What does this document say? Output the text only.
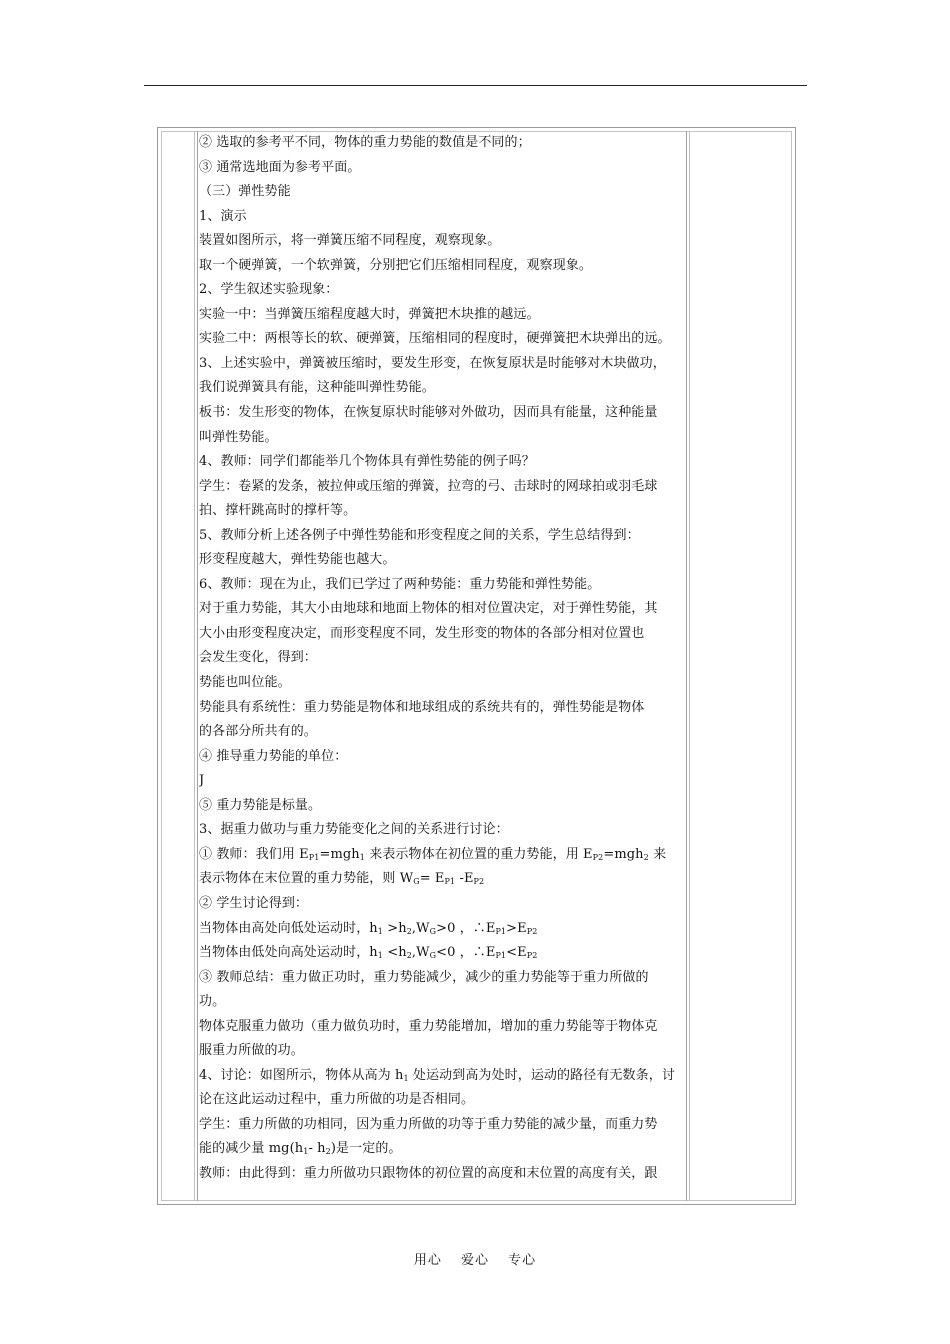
② 选取的参考平不同，物体的重力势能的数值是不同的；
③ 通常选地面为参考平面。
（三）弹性势能
1、演示
装置如图所示，将一弹簧压缩不同程度，观察现象。
取一个硬弹簧，一个软弹簧，分别把它们压缩相同程度，观察现象。
2、学生叙述实验现象：
实验一中：当弹簧压缩程度越大时，弹簧把木块推的越远。
实验二中：两根等长的软、硬弹簧，压缩相同的程度时，硬弹簧把木块弹出的远。
3、上述实验中，弹簧被压缩时，要发生形变，在恢复原状是时能够对木块做功，
我们说弹簧具有能，这种能叫弹性势能。
板书：发生形变的物体，在恢复原状时能够对外做功，因而具有能量，这种能量
叫弹性势能。
4、教师：同学们都能举几个物体具有弹性势能的例子吗？
学生：卷紧的发条，被拉伸或压缩的弹簧，拉弯的弓、击球时的网球拍或羽毛球
拍、撑杆跳高时的撑杆等。
5、教师分析上述各例子中弹性势能和形变程度之间的关系，学生总结得到：
形变程度越大，弹性势能也越大。
6、教师：现在为止，我们已学过了两种势能：重力势能和弹性势能。
对于重力势能，其大小由地球和地面上物体的相对位置决定，对于弹性势能，其
大小由形变程度决定，而形变程度不同，发生形变的物体的各部分相对位置也
会发生变化，得到：
势能也叫位能。
势能具有系统性：重力势能是物体和地球组成的系统共有的，弹性势能是物体
的各部分所共有的。
④ 推导重力势能的单位：
J
⑤ 重力势能是标量。
3、据重力做功与重力势能变化之间的关系进行讨论：
① 教师：我们用 $E_{P1}=mgh_1$ 来表示物体在初位置的重力势能，用 $E_{P2}=mgh_2$ 来
表示物体在末位置的重力势能，则 $W_G= E_{P1}$ $-E_{P2}$
② 学生讨论得到：
当物体由高处向低处运动时，$h_1 >h_2,W_G>0$ ，$\therefore E_{P1}>E_{P2}$
当物体由低处向高处运动时，$h_1 <h_2,W_G<0$ ，$\therefore E_{P1}<E_{P2}$
③ 教师总结：重力做正功时，重力势能减少，减少的重力势能等于重力所做的
功。
物体克服重力做功（重力做负功时，重力势能增加，增加的重力势能等于物体克
服重力所做的功。
4、讨论：如图所示，物体从高为 $h_1$ 处运动到高为处时，运动的路径有无数条，讨
论在这此运动过程中，重力所做的功是否相同。
学生：重力所做的功相同，因为重力所做的功等于重力势能的减少量，而重力势
能的减少量 $mg(h_1-$ $h_2$)是一定的。
教师：由此得到：重力所做功只跟物体的初位置的高度和末位置的高度有关，跟
用心 爱心 专心
